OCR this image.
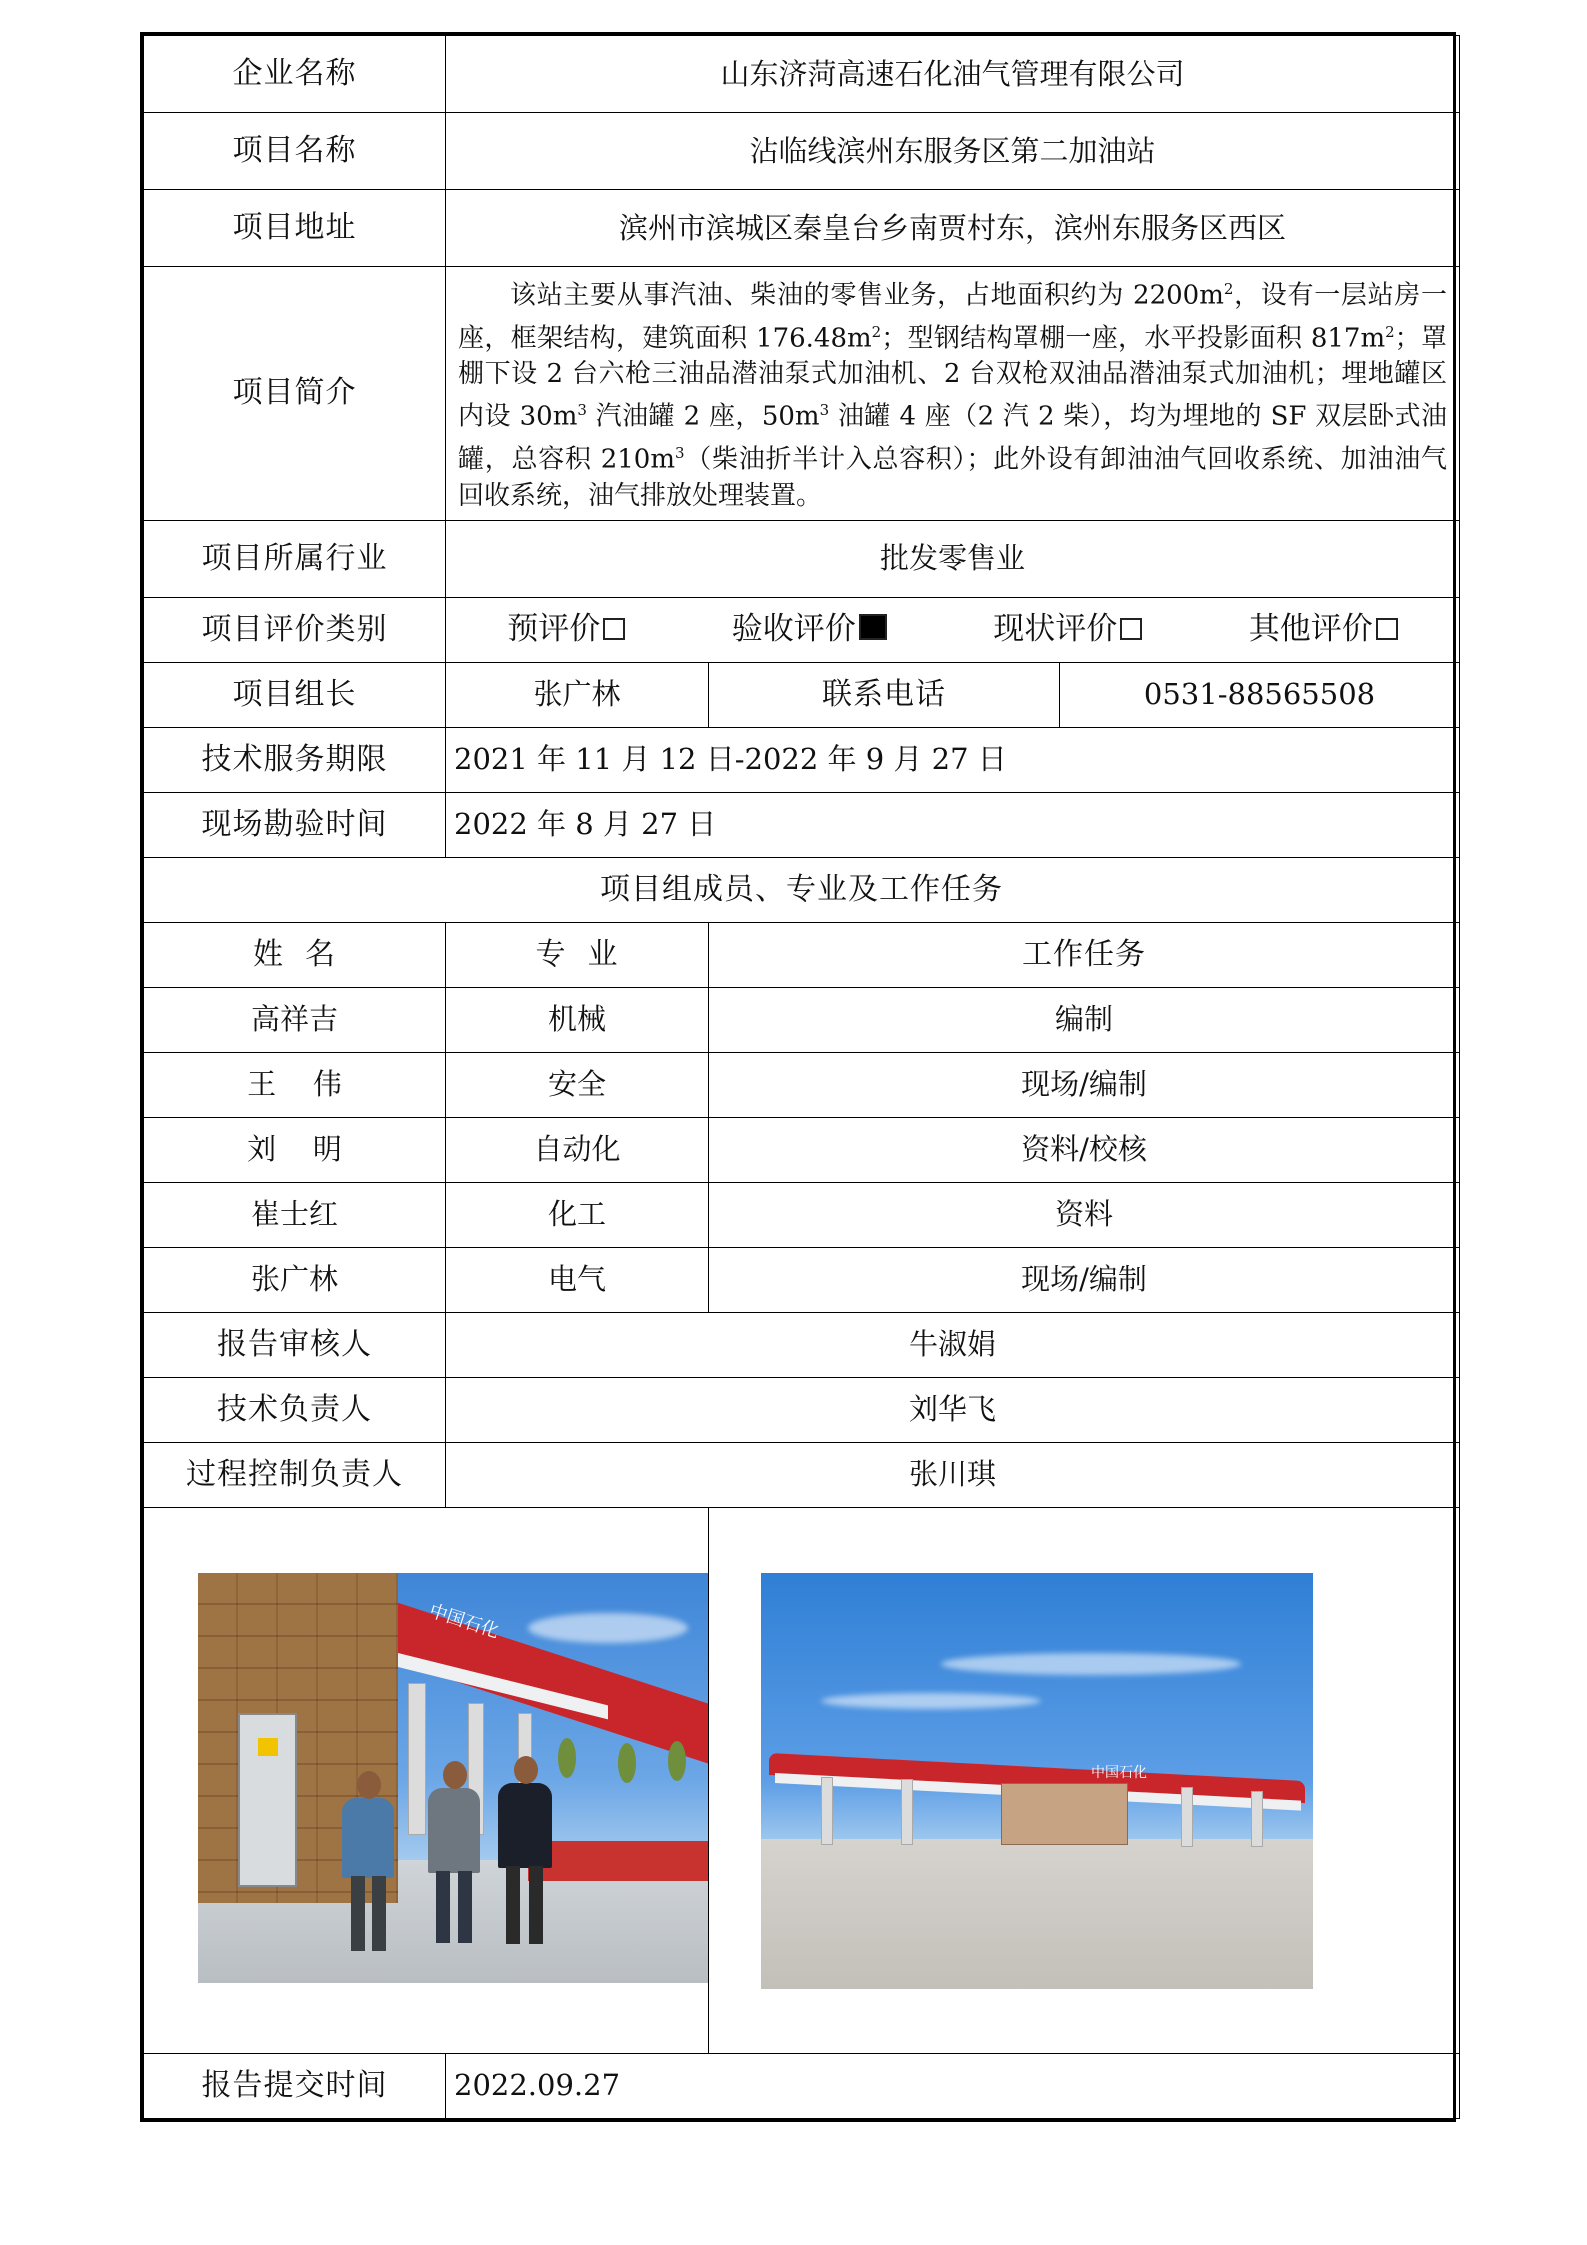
企业名称	山东济菏高速石化油气管理有限公司		
项目名称	沾临线滨州东服务区第二加油站		
项目地址	滨州市滨城区秦皇台乡南贾村东，滨州东服务区西区		
项目简介	该站主要从事汽油、柴油的零售业务，占地面积约为 $2200m^2$，设有一层站房一座，框架结构，建筑面积 $176.48m^2$；型钢结构罩棚一座，水平投影面积 $817m^2$；罩棚下设 2 台六枪三油品潜油泵式加油机、2 台双枪双油品潜油泵式加油机；埋地罐区内设 $30m^3$ 汽油罐 2 座，$50m^3$ 油罐 4 座（2 汽 2 柴），均为埋地的 SF 双层卧式油罐，总容积 $210m^3$（柴油折半计入总容积）；此外设有卸油油气回收系统、加油油气回收系统，油气排放处理装置。		
项目所属行业	批发零售业		
项目评价类别	预评价 验收评价 现状评价 其他评价		

项目组长	张广林	联系电话	0531-88565508
技术服务期限	2021 年 11 月 12 日-2022 年 9 月 27 日		
现场勘验时间	2022 年 8 月 27 日		
项目组成员、专业及工作任务			
姓  名	专  业	工作任务	
高祥吉	机械	编制	
王    伟	安全	现场/编制	
刘    明	自动化	资料/校核	
崔士红	化工	资料	
张广林	电气	现场/编制	
报告审核人	牛淑娟		
技术负责人	刘华飞		
过程控制负责人	张川琪		

中国石化		中国石化	

报告提交时间	2022.09.27		
